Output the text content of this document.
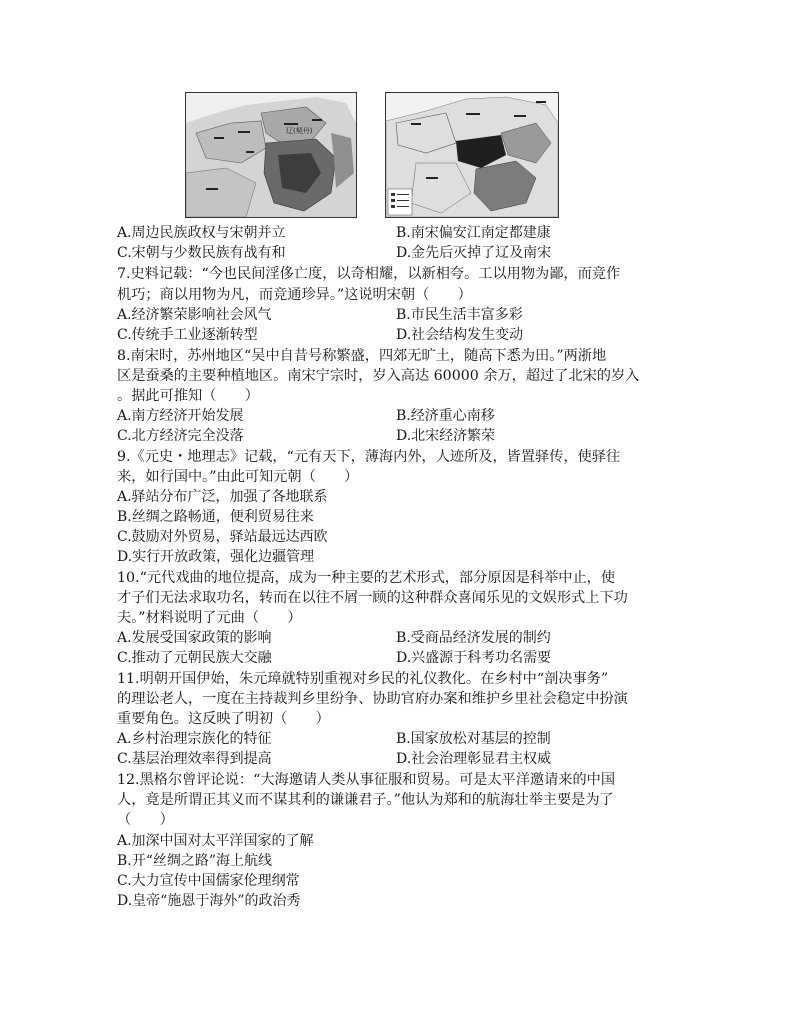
辽(契丹)
A.周边民族政权与宋朝并立	B.南宋偏安江南定都建康
C.宋朝与少数民族有战有和	D.金先后灭掉了辽及南宋
7.史料记载：“今也民间淫侈亡度，以奇相耀，以新相夸。工以用物为鄙，而竞作
机巧；商以用物为凡，而竞通珍异。”这说明宋朝（　　）
A.经济繁荣影响社会风气	B.市民生活丰富多彩
C.传统手工业逐渐转型	D.社会结构发生变动
8.南宋时，苏州地区“吴中自昔号称繁盛，四郊无旷土，随高下悉为田。”两浙地
区是蚕桑的主要种植地区。南宋宁宗时，岁入高达 60000 余万，超过了北宋的岁入
。据此可推知（　　）
A.南方经济开始发展	B.经济重心南移
C.北方经济完全没落	D.北宋经济繁荣
9.《元史・地理志》记载，“元有天下，薄海内外，人迹所及，皆置驿传，使驿往
来，如行国中。”由此可知元朝（　　）
A.驿站分布广泛，加强了各地联系
B.丝绸之路畅通，便利贸易往来
C.鼓励对外贸易，驿站最远达西欧
D.实行开放政策，强化边疆管理
10.“元代戏曲的地位提高，成为一种主要的艺术形式，部分原因是科举中止，使
才子们无法求取功名，转而在以往不屑一顾的这种群众喜闻乐见的文娱形式上下功
夫。”材料说明了元曲（　　）
A.发展受国家政策的影响	B.受商品经济发展的制约
C.推动了元朝民族大交融	D.兴盛源于科考功名需要
11.明朝开国伊始，朱元璋就特别重视对乡民的礼仪教化。在乡村中“剖决事务”
的理讼老人，一度在主持裁判乡里纷争、协助官府办案和维护乡里社会稳定中扮演
重要角色。这反映了明初（　　）
A.乡村治理宗族化的特征	B.国家放松对基层的控制
C.基层治理效率得到提高	D.社会治理彰显君主权威
12.黑格尔曾评论说：“大海邀请人类从事征服和贸易。可是太平洋邀请来的中国
人，竟是所谓正其义而不谋其利的谦谦君子。”他认为郑和的航海壮举主要是为了
（　　）
A.加深中国对太平洋国家的了解
B.开“丝绸之路”海上航线
C.大力宣传中国儒家伦理纲常
D.皇帝“施恩于海外”的政治秀
